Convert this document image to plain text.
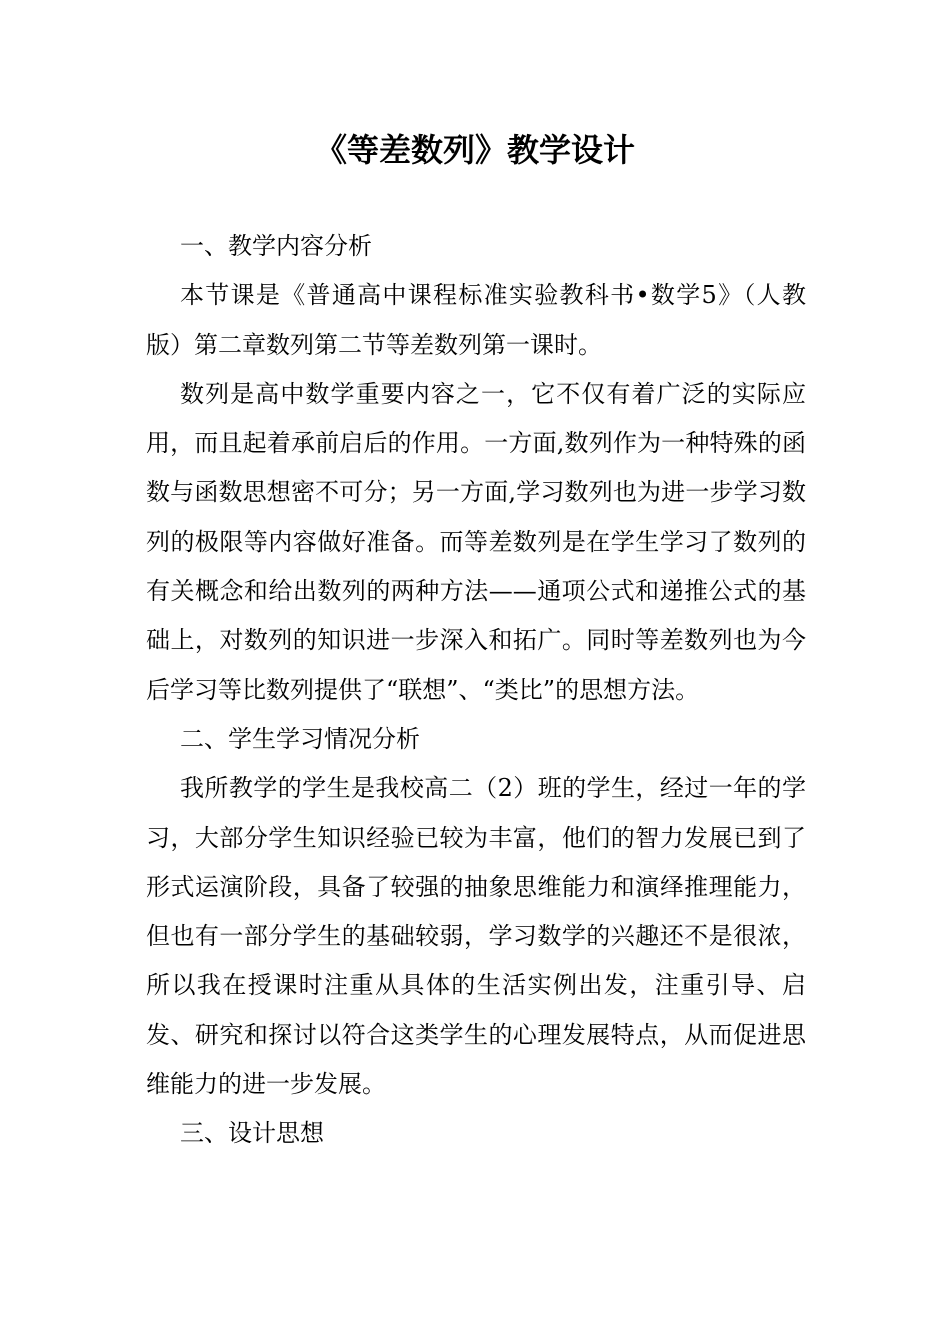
《等差数列》教学设计

一、教学内容分析

本节课是《普通高中课程标准实验教科书•数学5》（人教版）第二章数列第二节等差数列第一课时。

数列是高中数学重要内容之一，它不仅有着广泛的实际应用，而且起着承前启后的作用。一方面,数列作为一种特殊的函数与函数思想密不可分；另一方面,学习数列也为进一步学习数列的极限等内容做好准备。而等差数列是在学生学习了数列的有关概念和给出数列的两种方法——通项公式和递推公式的基础上，对数列的知识进一步深入和拓广。同时等差数列也为今后学习等比数列提供了“联想”、“类比”的思想方法。

二、学生学习情况分析

我所教学的学生是我校高二（2）班的学生，经过一年的学习，大部分学生知识经验已较为丰富，他们的智力发展已到了形式运演阶段，具备了较强的抽象思维能力和演绎推理能力，但也有一部分学生的基础较弱，学习数学的兴趣还不是很浓，所以我在授课时注重从具体的生活实例出发，注重引导、启发、研究和探讨以符合这类学生的心理发展特点，从而促进思维能力的进一步发展。

三、设计思想
